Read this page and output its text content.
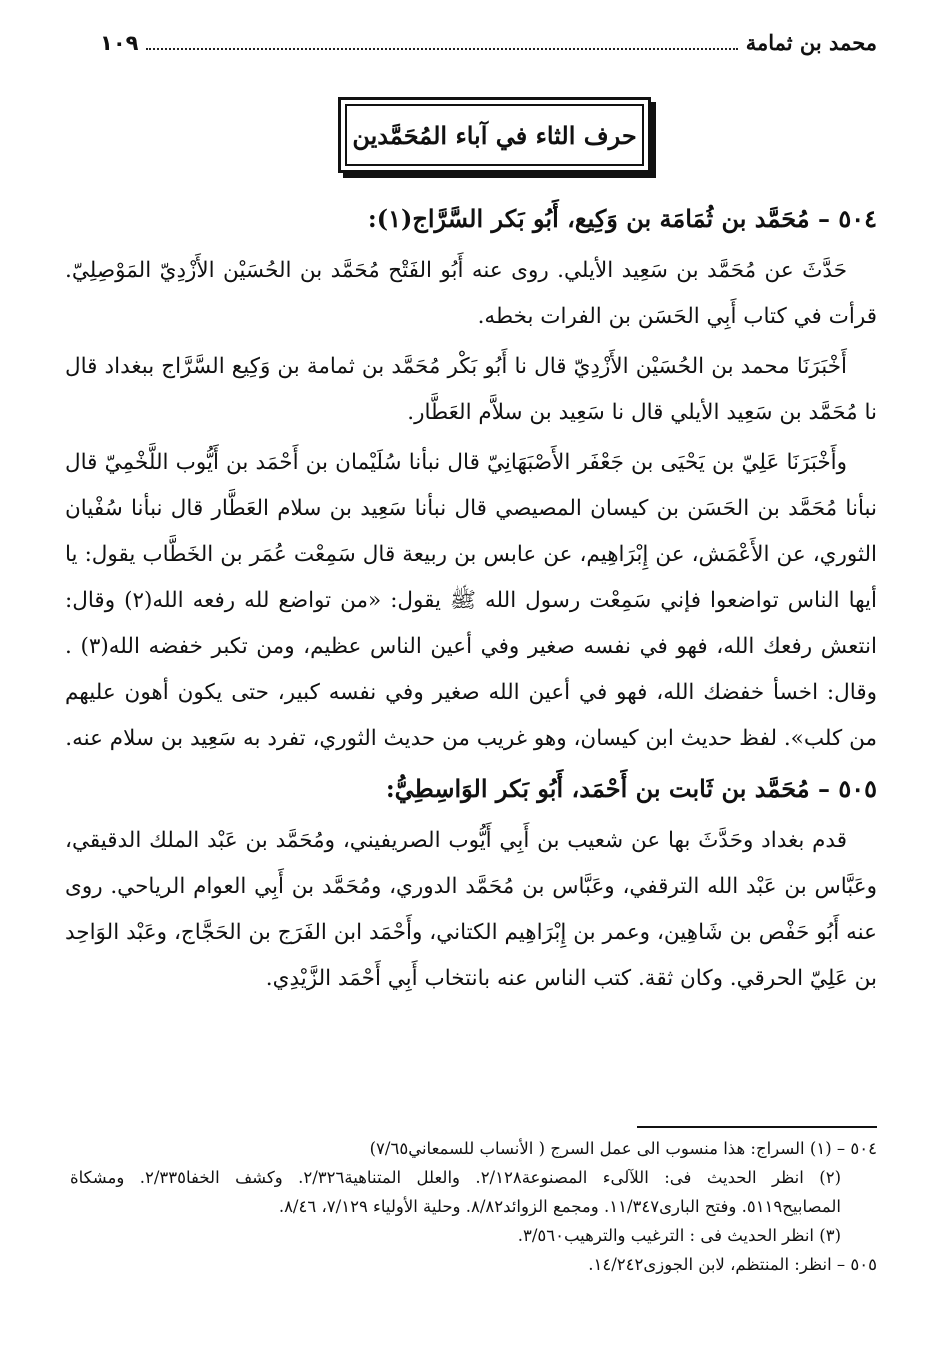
محمد بن ثمامة
١٠٩
حرف الثاء في آباء المُحَمَّدين
٥٠٤ – مُحَمَّد بن ثُمَامَة بن وَكِيع، أَبُو بَكر السَّرَّاج(١):

حَدَّثَ عن مُحَمَّد بن سَعِيد الأيلي. روى عنه أَبُو الفَتْح مُحَمَّد بن الحُسَيْن الأَزْدِيّ المَوْصِلِيّ. قرأت في كتاب أَبِي الحَسَن بن الفرات بخطه.

أَخْبَرَنَا محمد بن الحُسَيْن الأَزْدِيّ قال نا أَبُو بَكْر مُحَمَّد بن ثمامة بن وَكِيع السَّرَّاج ببغداد قال نا مُحَمَّد بن سَعِيد الأيلي قال نا سَعِيد بن سلاَّم العَطَّار.

وأَخْبَرَنَا عَلِيّ بن يَحْيَى بن جَعْفَر الأَصْبَهَانِيّ قال نبأنا سُلَيْمان بن أَحْمَد بن أَيُّوب اللَّخْمِيّ قال نبأنا مُحَمَّد بن الحَسَن بن كيسان المصيصي قال نبأنا سَعِيد بن سلام العَطَّار قال نبأنا سُفْيان الثوري، عن الأَعْمَش، عن إِبْرَاهِيم، عن عابس بن ربيعة قال سَمِعْت عُمَر بن الخَطَّاب يقول: يا أيها الناس تواضعوا فإني سَمِعْت رسول الله ﷺ يقول: «من تواضع لله رفعه الله(٢) وقال: انتعش رفعك الله، فهو في نفسه صغير وفي أعين الناس عظيم، ومن تكبر خفضه الله(٣) . وقال: اخسأ خفضك الله، فهو في أعين الله صغير وفي نفسه كبير، حتى يكون أهون عليهم من كلب». لفظ حديث ابن كيسان، وهو غريب من حديث الثوري، تفرد به سَعِيد بن سلام عنه.

٥٠٥ – مُحَمَّد بن ثَابت بن أَحْمَد، أَبُو بَكر الوَاسِطِيُّ:

قدم بغداد وحَدَّثَ بها عن شعيب بن أَبِي أَيُّوب الصريفيني، ومُحَمَّد بن عَبْد الملك الدقيقي، وعَبَّاس بن عَبْد الله الترقفي، وعَبَّاس بن مُحَمَّد الدوري، ومُحَمَّد بن أَبِي العوام الرياحي. روى عنه أَبُو حَفْص بن شَاهِين، وعمر بن إِبْرَاهِيم الكتاني، وأَحْمَد ابن الفَرَج بن الحَجَّاج، وعَبْد الوَاحِد بن عَلِيّ الحرقي. وكان ثقة. كتب الناس عنه بانتخاب أَبِي أَحْمَد الزَّيْدِي.

٥٠٤ – (١) السراج: هذا منسوب الى عمل السرج ( الأنساب للسمعاني٧/٦٥)

(٢) انظر الحديث فى: اللآلىء المصنوعة٢/١٢٨. والعلل المتناهية٢/٣٢٦. وكشف الخفا٢/٣٣٥. ومشكاة المصابيح٥١١٩. وفتح البارى١١/٣٤٧. ومجمع الزوائد٨/٨٢. وحلية الأولياء ٧/١٢٩، ٨/٤٦.

(٣) انظر الحديث فى : الترغيب والترهيب٣/٥٦٠.

٥٠٥ – انظر: المنتظم، لابن الجوزى١٤/٢٤٢.
